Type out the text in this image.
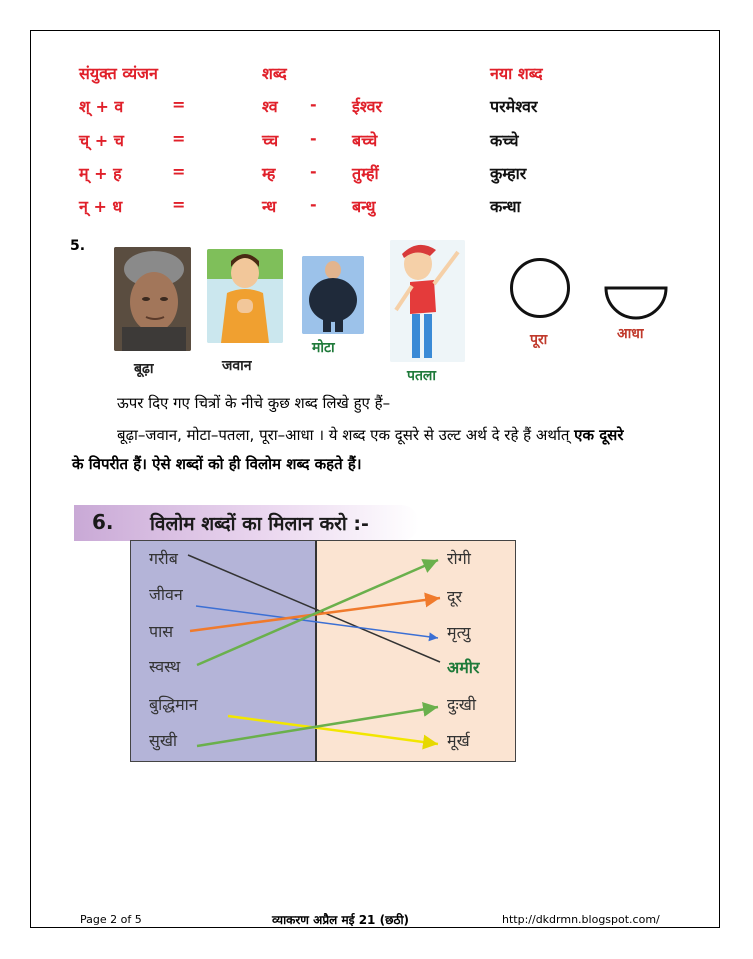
संयुक्त व्यंजन	शब्द	नया शब्द
श् + व	=	श्व - ईश्वर	परमेश्वर
च् + च	=	च्च - बच्चे	कच्चे
म् + ह	=	म्ह - तुम्हीं	कुम्हार
न् + ध	=	न्ध - बन्धु	कन्धा
5.
बूढ़ा	जवान
मोटा
पतला
पूरा	आधा
ऊपर दिए गए चित्रों के नीचे कुछ शब्द लिखे हुए हैं–
बूढ़ा–जवान, मोटा–पतला, पूरा–आधा । ये शब्द एक दूसरे से उल्ट अर्थ दे रहे हैं अर्थात् एक दूसरे
के विपरीत हैं। ऐसे शब्दों को ही विलोम शब्द कहते हैं।
6. विलोम शब्दों का मिलान करो :-
गरीब
जीवन
पास
स्वस्थ
बुद्धिमान
सुखी
रोगी
दूर
मृत्यु
अमीर
दुःखी
मूर्ख
Page 2 of 5	व्याकरण अप्रैल मई 21 (छठी)	http://dkdrmn.blogspot.com/
